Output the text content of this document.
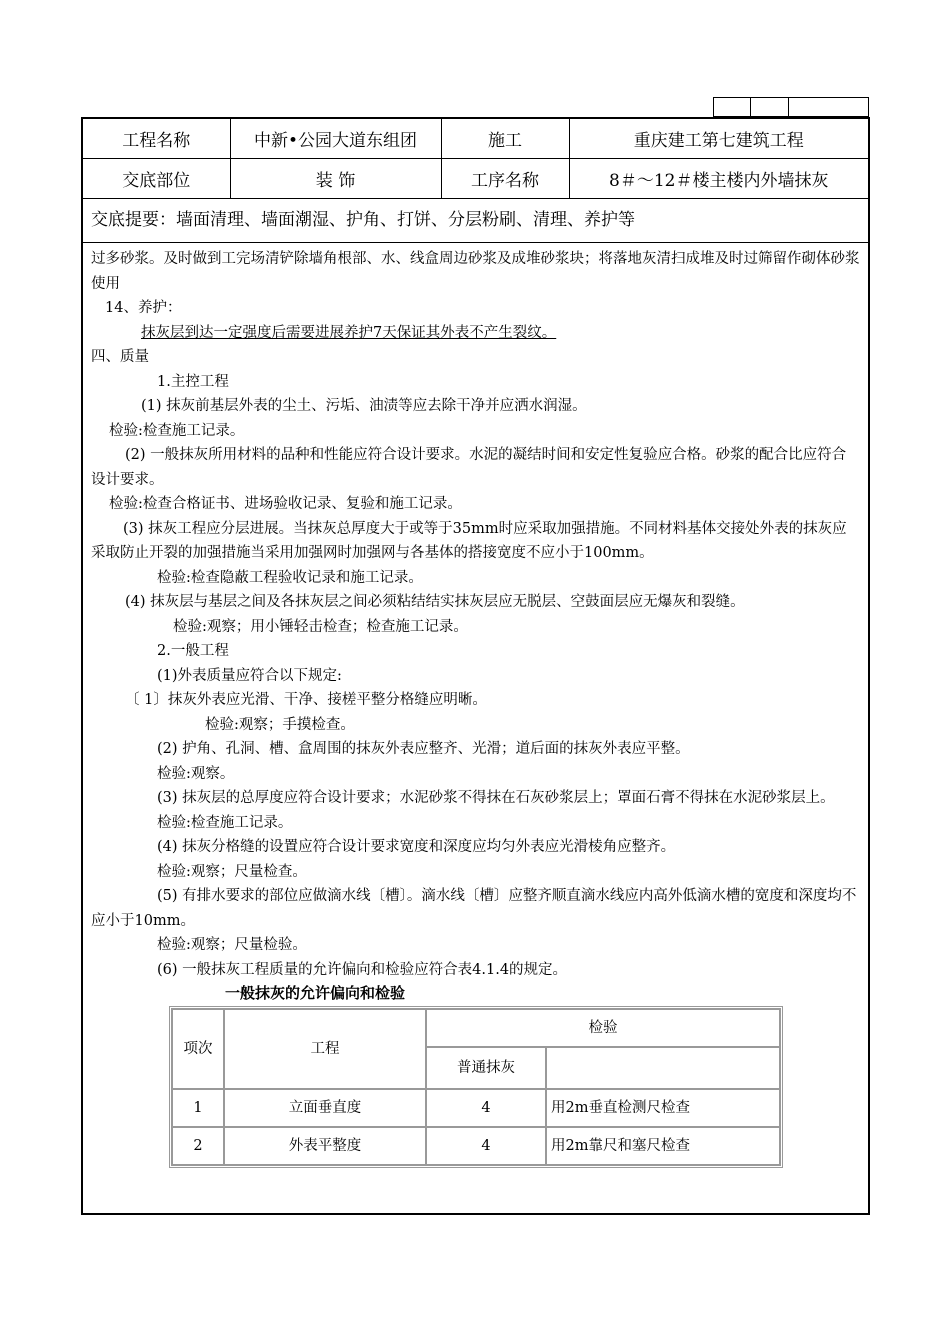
工程名称	中新•公园大道东组团	施工	重庆建工第七建筑工程
交底部位	装 饰	工序名称	8＃～12＃楼主楼内外墙抹灰
交底提要：墙面清理、墙面潮湿、护角、打饼、分层粉刷、清理、养护等

过多砂浆。及时做到工完场清铲除墙角根部、水、线盒周边砂浆及成堆砂浆块；将落地灰清扫成堆及时过筛留作砌体砂浆使用

14、养护：

抹灰层到达一定强度后需要进展养护7天保证其外表不产生裂纹。

四、质量

1.主控工程

(1) 抹灰前基层外表的尘土、污垢、油渍等应去除干净并应洒水润湿。

检验:检查施工记录。

(2) 一般抹灰所用材料的品种和性能应符合设计要求。水泥的凝结时间和安定性复验应合格。砂浆的配合比应符合设计要求。

检验:检查合格证书、进场验收记录、复验和施工记录。

(3) 抹灰工程应分层进展。当抹灰总厚度大于或等于35mm时应采取加强措施。不同材料基体交接处外表的抹灰应采取防止开裂的加强措施当采用加强网时加强网与各基体的搭接宽度不应小于100mm。

检验:检查隐蔽工程验收记录和施工记录。

(4) 抹灰层与基层之间及各抹灰层之间必须粘结结实抹灰层应无脱层、空鼓面层应无爆灰和裂缝。

检验:观察；用小锤轻击检查；检查施工记录。

2.一般工程

(1)外表质量应符合以下规定:

〔 1〕抹灰外表应光滑、干净、接槎平整分格缝应明晰。

检验:观察；手摸检查。

(2) 护角、孔洞、槽、盒周围的抹灰外表应整齐、光滑；道后面的抹灰外表应平整。

检验:观察。

(3) 抹灰层的总厚度应符合设计要求；水泥砂浆不得抹在石灰砂浆层上；罩面石膏不得抹在水泥砂浆层上。

检验:检查施工记录。

(4) 抹灰分格缝的设置应符合设计要求宽度和深度应均匀外表应光滑棱角应整齐。

检验:观察；尺量检查。

(5) 有排水要求的部位应做滴水线〔槽〕。滴水线〔槽〕应整齐顺直滴水线应内高外低滴水槽的宽度和深度均不应小于10mm。

检验:观察；尺量检验。

(6) 一般抹灰工程质量的允许偏向和检验应符合表4.1.4的规定。

一般抹灰的允许偏向和检验
项次	工程	检验	
		普通抹灰	
1	立面垂直度	4	用2m垂直检测尺检查
2	外表平整度	4	用2m靠尺和塞尺检查
